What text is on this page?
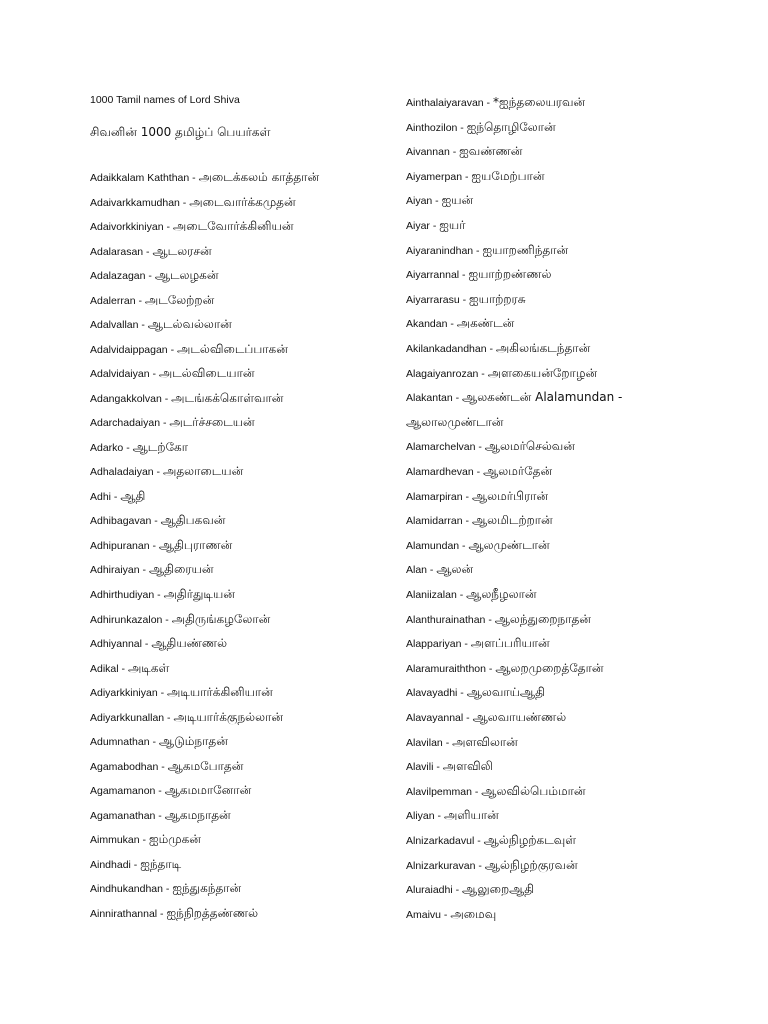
1000 Tamil names of Lord Shiva
சிவனின் 1000 தமிழ்ப் பெயர்கள்
Adaikkalam Kaththan - அடைக்கலம் காத்தான்
Adaivarkkamudhan - அடைவார்க்கமுதன்
Adaivorkkiniyan - அடைவோர்க்கினியன்
Adalarasan - ஆடலரசன்
Adalazagan - ஆடலழகன்
Adalerran - அடலேற்றன்
Adalvallan - ஆடல்வல்லான்
Adalvidaippagan - அடல்விடைப்பாகன்
Adalvidaiyan - அடல்விடையான்
Adangakkolvan - அடங்கக்கொள்வான்
Adarchadaiyan - அடர்ச்சடையன்
Adarko - ஆடற்கோ
Adhaladaiyan - அதலாடையன்
Adhi - ஆதி
Adhibagavan - ஆதிபகவன்
Adhipuranan - ஆதிபுராணன்
Adhiraiyan - ஆதிரையன்
Adhirthudiyan - அதிர்துடியன்
Adhirunkazalon - அதிருங்கழலோன்
Adhiyannal - ஆதியண்ணல்
Adikal - அடிகள்
Adiyarkkiniyan - அடியார்க்கினியான்
Adiyarkkunallan - அடியார்க்குநல்லான்
Adumnathan - ஆடும்நாதன்
Agamabodhan - ஆகமபோதன்
Agamamanon - ஆகமமானோன்
Agamanathan - ஆகமநாதன்
Aimmukan - ஐம்முகன்
Aindhadi - ஐந்தாடி
Aindhukandhan - ஐந்துகந்தான்
Ainnirathannal - ஐந்நிறத்தண்ணல்
Ainthalaiyaravan - *ஐந்தலையரவன்
Ainthozilon - ஐந்தொழிலோன்
Aivannan - ஐவண்ணன்
Aiyamerpan - ஐயமேற்பான்
Aiyan - ஐயன்
Aiyar - ஐயர்
Aiyaranindhan - ஐயாறணிந்தான்
Aiyarrannal - ஐயாற்றண்ணல்
Aiyarrarasu - ஐயாற்றரசு
Akandan - அகண்டன்
Akilankadandhan - அகிலங்கடந்தான்
Alagaiyanrozan - அளகையன்றோழன்
Alakantan - ஆலகண்டன் Alalamundan -
ஆலாலமுண்டான்
Alamarchelvan - ஆலமர்செல்வன்
Alamardhevan - ஆலமர்தேன்
Alamarpiran - ஆலமர்பிரான்
Alamidarran - ஆலமிடற்றான்
Alamundan - ஆலமுண்டான்
Alan - ஆலன்
Alaniizalan - ஆலநீழலான்
Alanthurainathan - ஆலந்துறைநாதன்
Alappariyan - அளப்பரியான்
Alaramuraiththon - ஆலறமுறைத்தோன்
Alavayadhi - ஆலவாய்ஆதி
Alavayannal - ஆலவாயண்ணல்
Alavilan - அளவிலான்
Alavili - அளவிலி
Alavilpemman - ஆலவில்பெம்மான்
Aliyan - அளியான்
Alnizarkadavul - ஆல்நிழற்கடவுள்
Alnizarkuravan - ஆல்நிழற்குரவன்
Aluraiadhi - ஆலுறைஆதி
Amaivu - அமைவு
